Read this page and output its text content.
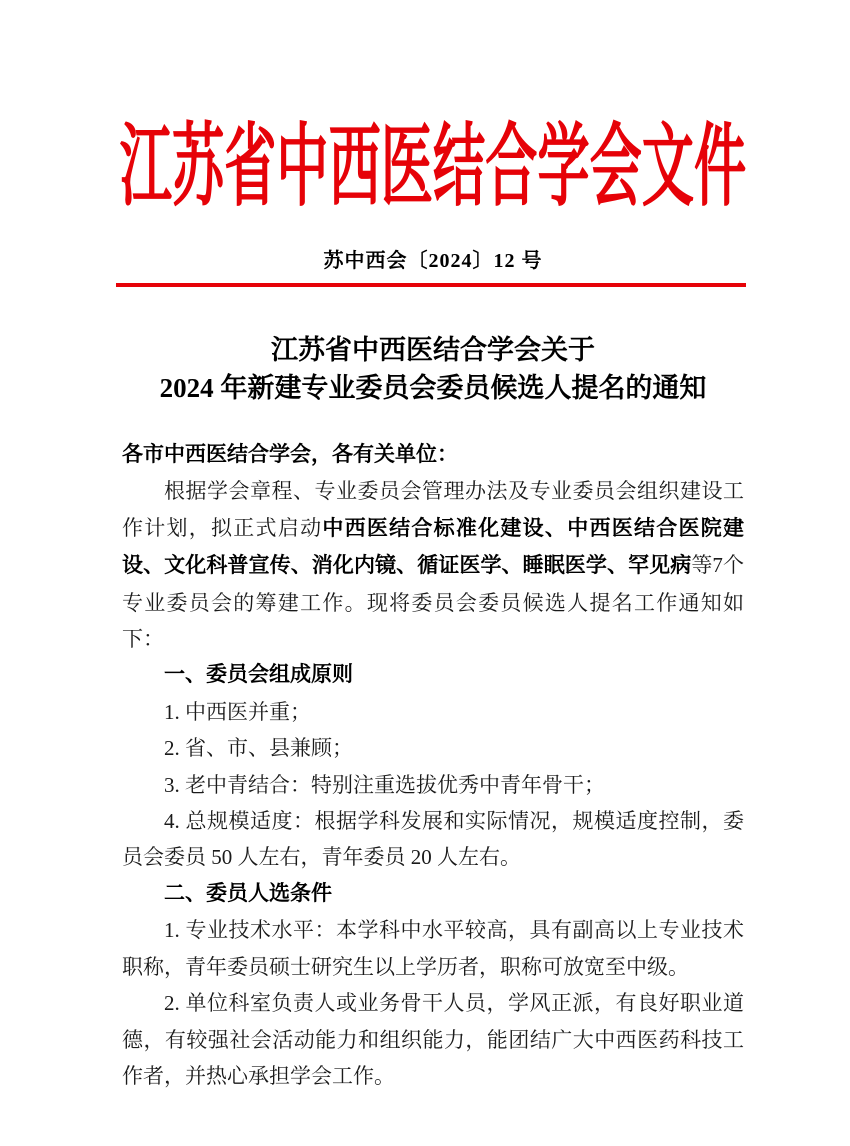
江苏省中西医结合学会文件
苏中西会〔2024〕12 号
江苏省中西医结合学会关于
2024 年新建专业委员会委员候选人提名的通知

各市中西医结合学会，各有关单位：

根据学会章程、专业委员会管理办法及专业委员会组织建设工作计划，拟正式启动中西医结合标准化建设、中西医结合医院建设、文化科普宣传、消化内镜、循证医学、睡眠医学、罕见病等7个专业委员会的筹建工作。现将委员会委员候选人提名工作通知如下：

一、委员会组成原则

1. 中西医并重；

2. 省、市、县兼顾；

3. 老中青结合：特别注重选拔优秀中青年骨干；

4. 总规模适度：根据学科发展和实际情况，规模适度控制，委员会委员 50 人左右，青年委员 20 人左右。

二、委员人选条件

1. 专业技术水平：本学科中水平较高，具有副高以上专业技术职称，青年委员硕士研究生以上学历者，职称可放宽至中级。

2. 单位科室负责人或业务骨干人员，学风正派，有良好职业道德，有较强社会活动能力和组织能力，能团结广大中西医药科技工作者，并热心承担学会工作。
